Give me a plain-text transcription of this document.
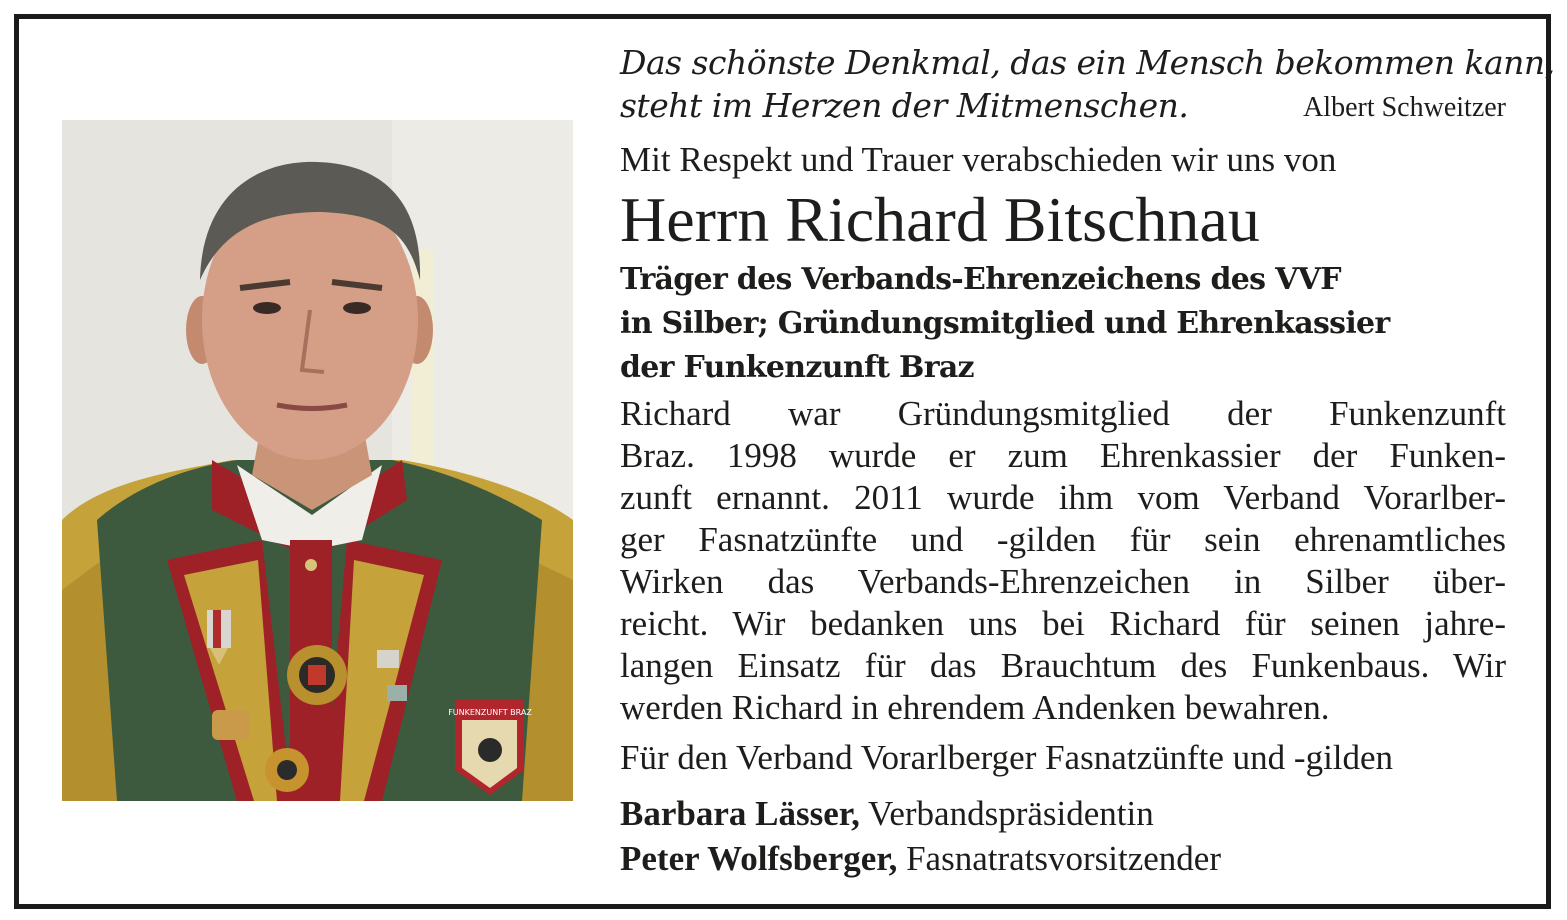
FUNKENZUNFT BRAZ
Das schönste Denkmal, das ein Mensch bekommen kann,
steht im Herzen der Mitmenschen.	Albert Schweitzer
Mit Respekt und Trauer verabschieden wir uns von
Herrn Richard Bitschnau
Träger des Verbands-Ehrenzeichens des VVF
in Silber; Gründungsmitglied und Ehrenkassier
der Funkenzunft Braz
Richard war Gründungsmitglied der Funkenzunft
Braz. 1998 wurde er zum Ehrenkassier der Funken-
zunft ernannt. 2011 wurde ihm vom Verband Vorarlber-
ger Fasnatzünfte und -gilden für sein ehrenamtliches
Wirken das Verbands-Ehrenzeichen in Silber über-
reicht. Wir bedanken uns bei Richard für seinen jahre-
langen Einsatz für das Brauchtum des Funkenbaus. Wir
werden Richard in ehrendem Andenken bewahren.
Für den Verband Vorarlberger Fasnatzünfte und -gilden
Barbara Lässer, Verbandspräsidentin
Peter Wolfsberger, Fasnatratsvorsitzender
